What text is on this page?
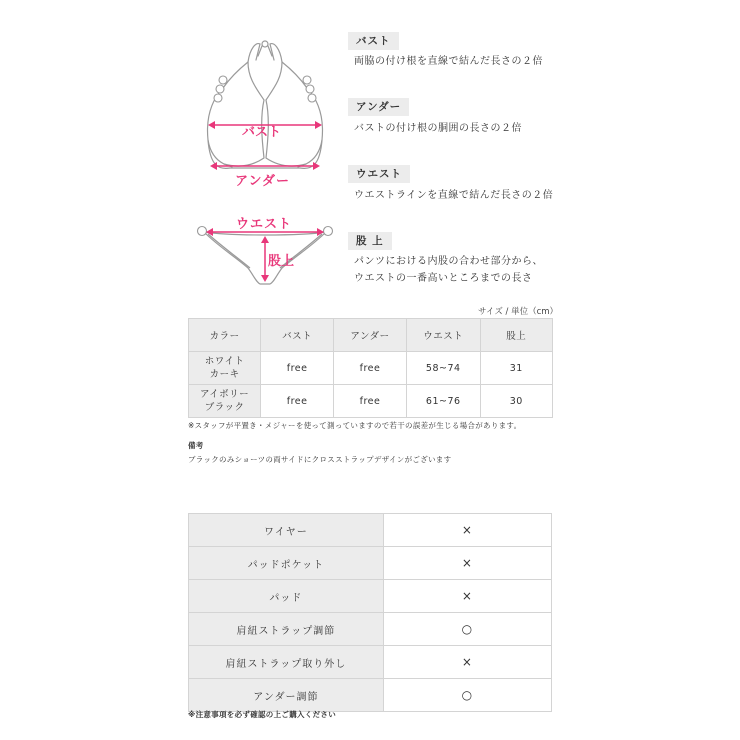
バスト
アンダー
ウエスト
股上
バスト
両脇の付け根を直線で結んだ長さの２倍
アンダー
バストの付け根の胴囲の長さの２倍
ウエスト
ウエストラインを直線で結んだ長さの２倍
股 上
パンツにおける内股の合わせ部分から、
ウエストの一番高いところまでの長さ
サイズ / 単位（cm）
カラー	バスト	アンダー	ウエスト	股上

ホワイト
カーキ	free	free	58~74	31

アイボリー
ブラック	free	free	61~76	30
※スタッフが平置き・メジャーを使って測っていますので若干の誤差が生じる場合があります。
備考
ブラックのみショーツの両サイドにクロスストラップデザインがございます
ワイヤー	×
パッドポケット	×
パッド	×
肩紐ストラップ調節	○
肩紐ストラップ取り外し	×
アンダー調節	○
※注意事項を必ず確認の上ご購入ください
